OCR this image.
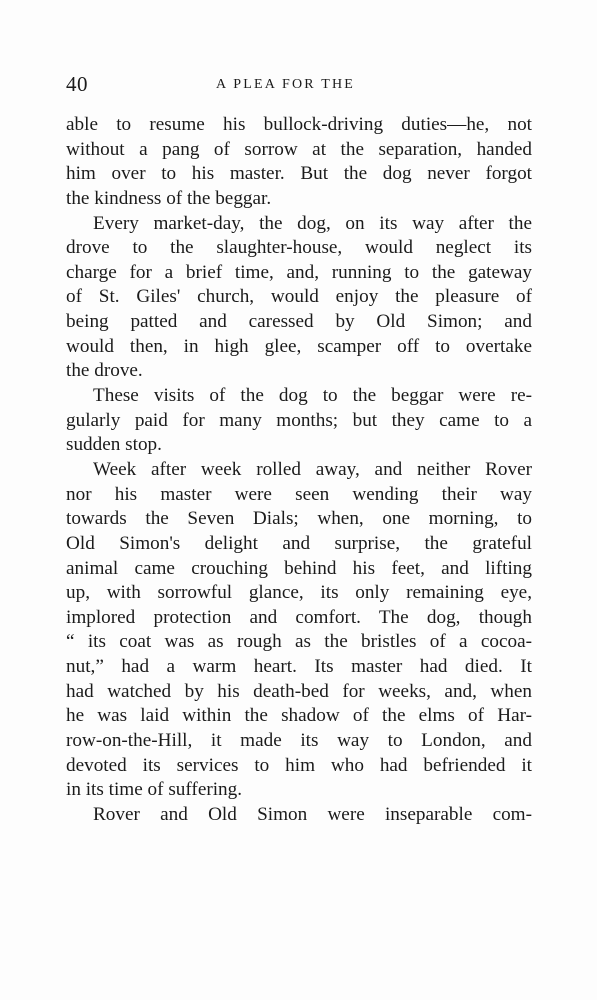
40	A PLEA FOR THE
able to resume his bullock-driving duties—he, not
without a pang of sorrow at the separation, handed
him over to his master. But the dog never forgot
the kindness of the beggar.
Every market-day, the dog, on its way after the
drove to the slaughter-house, would neglect its
charge for a brief time, and, running to the gateway
of St. Giles' church, would enjoy the pleasure of
being patted and caressed by Old Simon; and
would then, in high glee, scamper off to overtake
the drove.
These visits of the dog to the beggar were re-
gularly paid for many months; but they came to a
sudden stop.
Week after week rolled away, and neither Rover
nor his master were seen wending their way
towards the Seven Dials; when, one morning, to
Old Simon's delight and surprise, the grateful
animal came crouching behind his feet, and lifting
up, with sorrowful glance, its only remaining eye,
implored protection and comfort. The dog, though
“ its coat was as rough as the bristles of a cocoa-
nut,” had a warm heart. Its master had died. It
had watched by his death-bed for weeks, and, when
he was laid within the shadow of the elms of Har-
row-on-the-Hill, it made its way to London, and
devoted its services to him who had befriended it
in its time of suffering.
Rover and Old Simon were inseparable com-
